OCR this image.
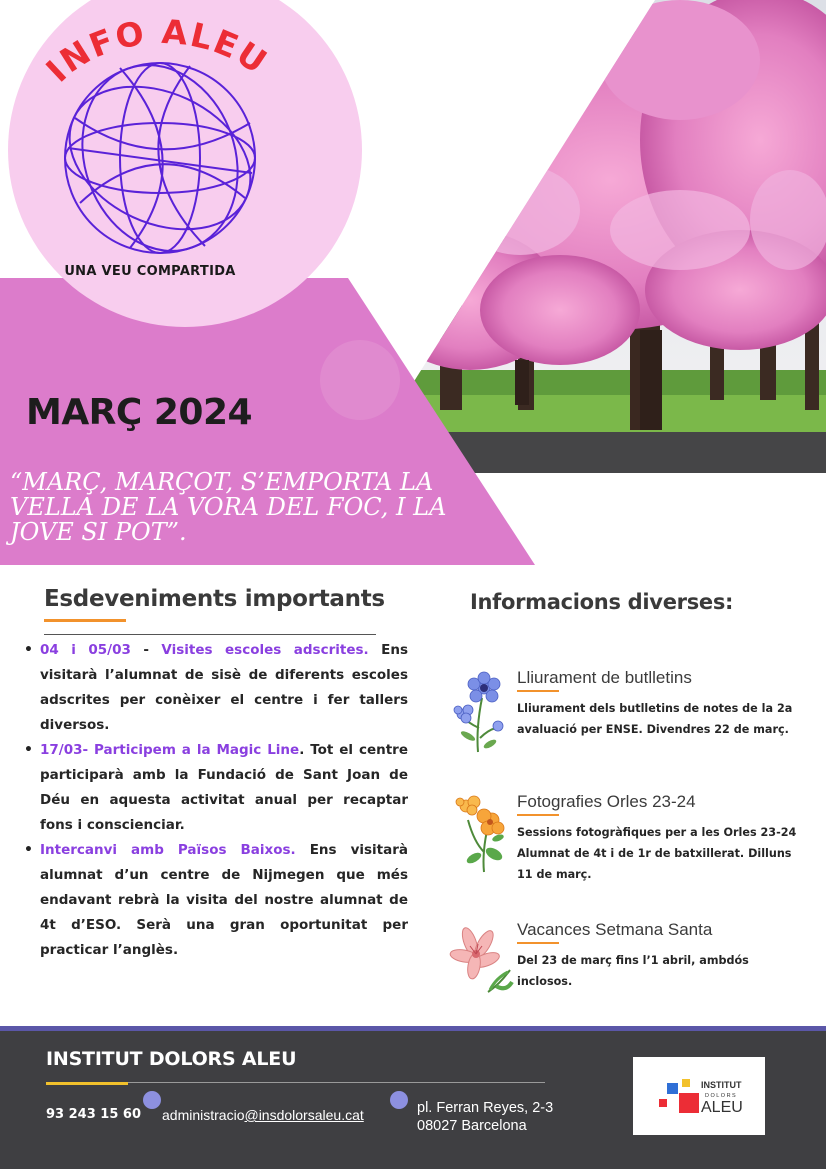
INFO ALEU
UNA VEU COMPARTIDA
MARÇ 2024
“MARÇ, MARÇOT, S’EMPORTA LA VELLA DE LA VORA DEL FOC, I LA JOVE SI POT”.
Esdeveniments importants
• 04 i 05/03 - Visites escoles adscrites. Ens visitarà l’alumnat de sisè de diferents escoles adscrites per conèixer el centre i fer tallers diversos.
• 17/03- Participem a la Magic Line. Tot el centre participarà amb la Fundació de Sant Joan de Déu en aquesta activitat anual per recaptar fons i conscienciar.
• Intercanvi amb Països Baixos. Ens visitarà alumnat d’un centre de Nijmegen que més endavant rebrà la visita del nostre alumnat de 4t d’ESO. Serà una gran oportunitat per practicar l’anglès.
Informacions diverses:
Lliurament de butlletins
Lliurament dels butlletins de notes de la 2a avaluació per ENSE. Divendres 22 de març.
Fotografies Orles 23-24
Sessions fotogràfiques per a les Orles 23-24 Alumnat de 4t i de 1r de batxillerat. Dilluns 11 de març.
Vacances Setmana Santa
Del 23 de març fins l’1 abril, ambdós inclosos.
INSTITUT DOLORS ALEU
93 243 15 60 administracio@insdolorsaleu.cat	pl. Ferran Reyes, 2-3
08027 Barcelona
INSTITUT
DOLORS
ALEU
